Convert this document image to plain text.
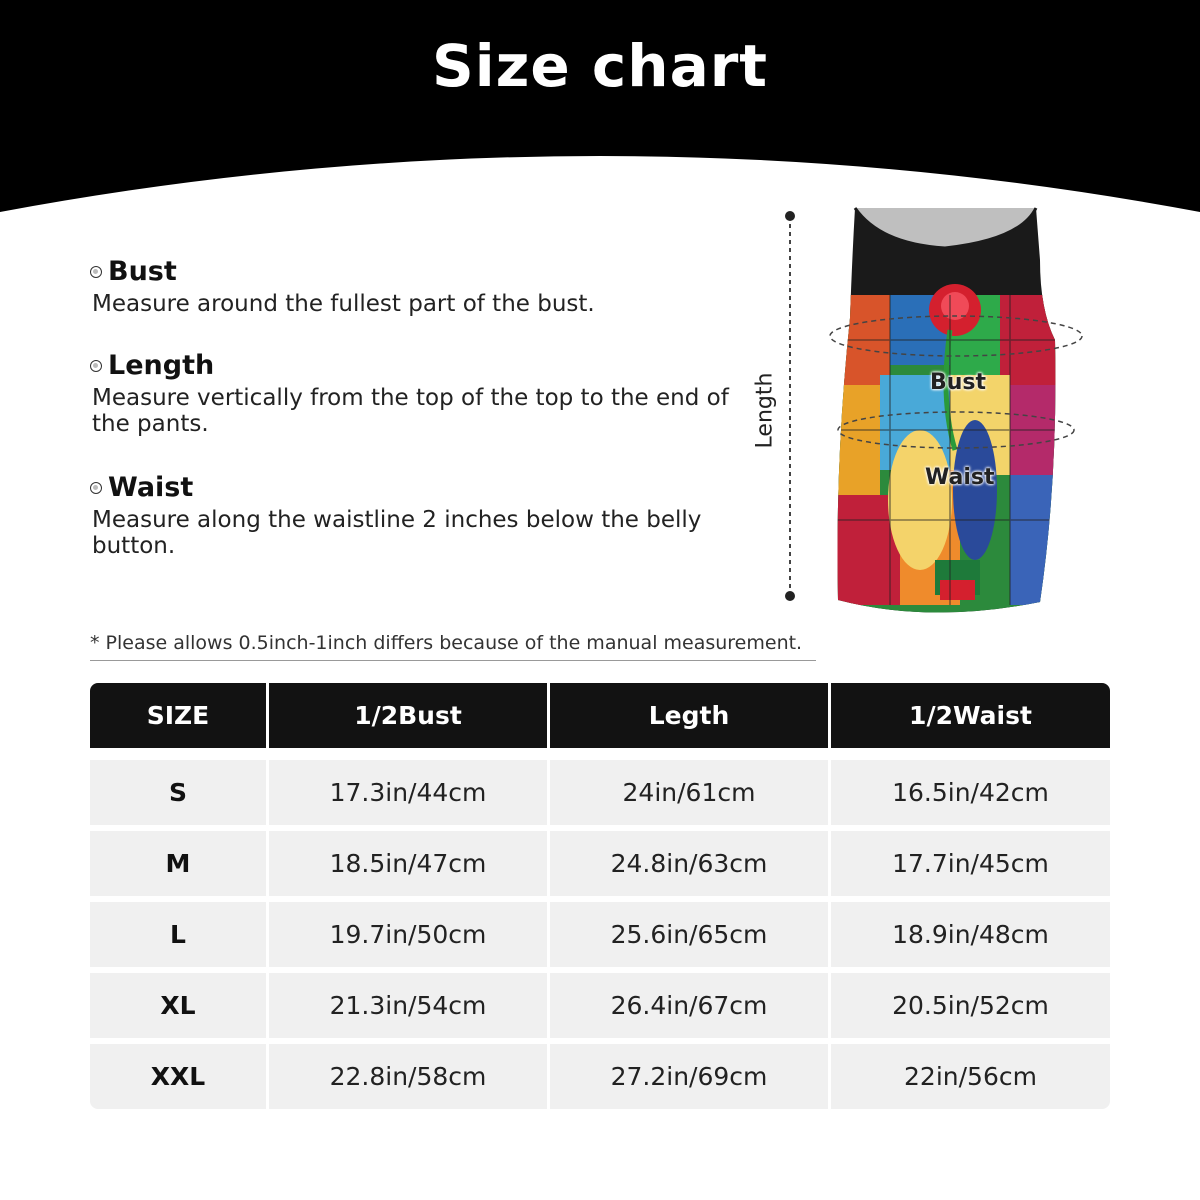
Size chart
Bust
Measure around the fullest part of the bust.
Length
Measure vertically from the top of the top to the end of
the pants.
Waist
Measure along the waistline 2 inches below the belly
button.
Length	Bust
Waist
* Please allows 0.5inch-1inch differs because of the manual measurement.
SIZE	1/2Bust	Legth	1/2Waist
S	17.3in/44cm	24in/61cm	16.5in/42cm
M	18.5in/47cm	24.8in/63cm	17.7in/45cm
L	19.7in/50cm	25.6in/65cm	18.9in/48cm
XL	21.3in/54cm	26.4in/67cm	20.5in/52cm
XXL	22.8in/58cm	27.2in/69cm	22in/56cm
